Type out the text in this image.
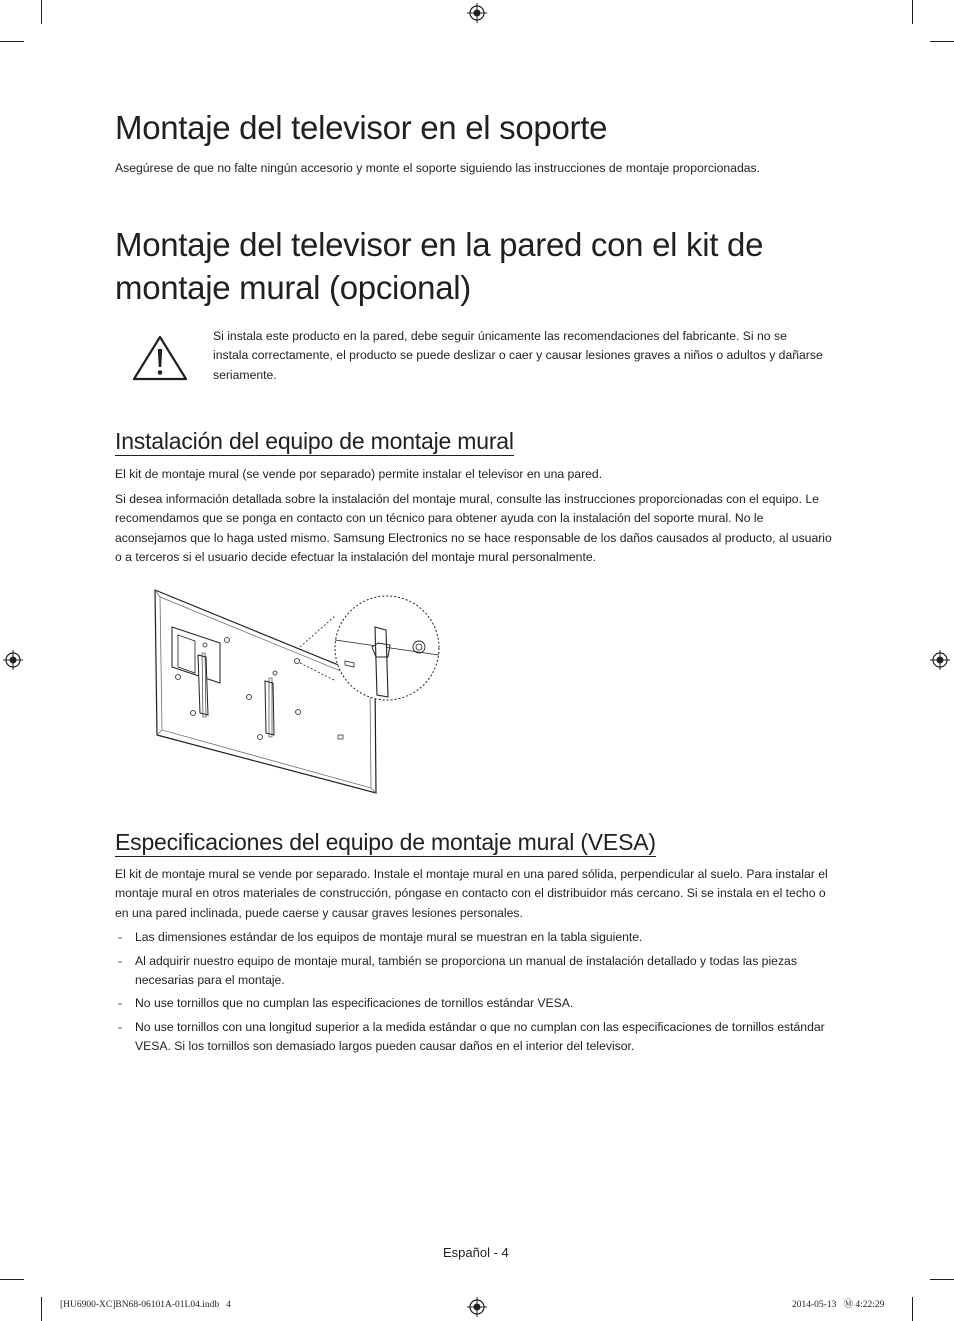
Montaje del televisor en el soporte

Asegúrese de que no falte ningún accesorio y monte el soporte siguiendo las instrucciones de montaje proporcionadas.

Montaje del televisor en la pared con el kit de
montaje mural (opcional)

Si instala este producto en la pared, debe seguir únicamente las recomendaciones del fabricante. Si no se instala correctamente, el producto se puede deslizar o caer y causar lesiones graves a niños o adultos y dañarse seriamente.

Instalación del equipo de montaje mural

El kit de montaje mural (se vende por separado) permite instalar el televisor en una pared.

Si desea información detallada sobre la instalación del montaje mural, consulte las instrucciones proporcionadas con el equipo. Le recomendamos que se ponga en contacto con un técnico para obtener ayuda con la instalación del soporte mural. No le aconsejamos que lo haga usted mismo. Samsung Electronics no se hace responsable de los daños causados al producto, al usuario o a terceros si el usuario decide efectuar la instalación del montaje mural personalmente.

Especificaciones del equipo de montaje mural (VESA)

El kit de montaje mural se vende por separado. Instale el montaje mural en una pared sólida, perpendicular al suelo. Para instalar el montaje mural en otros materiales de construcción, póngase en contacto con el distribuidor más cercano. Si se instala en el techo o en una pared inclinada, puede caerse y causar graves lesiones personales.

- Las dimensiones estándar de los equipos de montaje mural se muestran en la tabla siguiente.

- Al adquirir nuestro equipo de montaje mural, también se proporciona un manual de instalación detallado y todas las piezas necesarias para el montaje.

- No use tornillos que no cumplan las especificaciones de tornillos estándar VESA.

- No use tornillos con una longitud superior a la medida estándar o que no cumplan con las especificaciones de tornillos estándar VESA. Si los tornillos son demasiado largos pueden causar daños en el interior del televisor.

Español - 4
[HU6900-XC]BN68-06101A-01L04.indb   4	2014-05-13   Ⓜ 4:22:29
